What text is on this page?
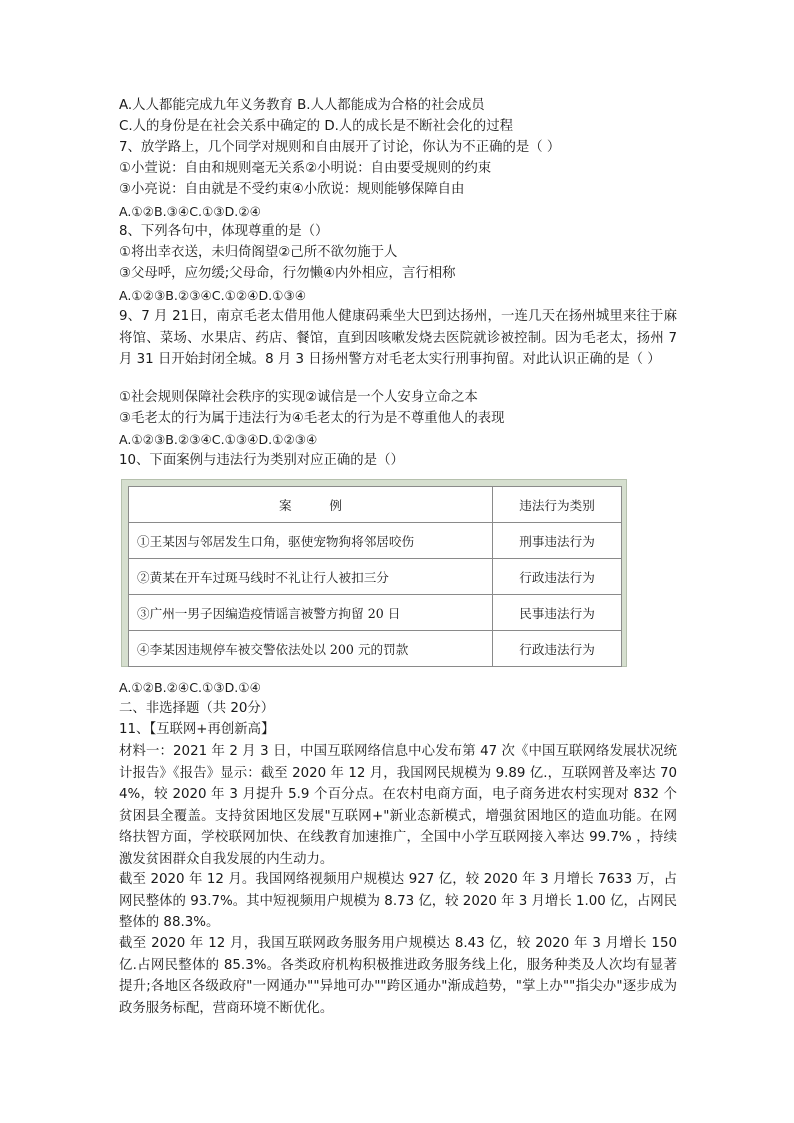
A.人人都能完成九年义务教育 B.人人都能成为合格的社会成员
C.人的身份是在社会关系中确定的 D.人的成长是不断社会化的过程
7、放学路上，几个同学对规则和自由展开了讨论，你认为不正确的是（ ）
①小萱说：自由和规则毫无关系②小明说：自由要受规则的约束
③小亮说：自由就是不受约束④小欣说：规则能够保障自由
A.①②B.③④C.①③D.②④
8、下列各句中，体现尊重的是（）
①将出幸衣送，未归倚阁望②己所不欲勿施于人
③父母呼，应勿缓;父母命，行勿懒④内外相应，言行相称
A.①②③B.②③④C.①②④D.①③④
9、7 月 21日，南京毛老太借用他人健康码乘坐大巴到达扬州，一连几天在扬州城里来往于麻将馆、菜场、水果店、药店、餐馆，直到因咳嗽发烧去医院就诊被控制。因为毛老太，扬州 7 月 31 日开始封闭全城。8 月 3 日扬州警方对毛老太实行刑事拘留。对此认识正确的是（ ）
①社会规则保障社会秩序的实现②诚信是一个人安身立命之本
③毛老太的行为属于违法行为④毛老太的行为是不尊重他人的表现
A.①②③B.②③④C.①③④D.①②③④
10、下面案例与违法行为类别对应正确的是（）
案　　　例	违法行为类别
①王某因与邻居发生口角，驱使宠物狗将邻居咬伤	刑事违法行为
②黄某在开车过斑马线时不礼让行人被扣三分	行政违法行为
③广州一男子因编造疫情谣言被警方拘留 20 日	民事违法行为
④李某因违规停车被交警依法处以 200 元的罚款	行政违法行为
A.①②B.②④C.①③D.①④
二、非选择题（共 20分）
11、【互联网+再创新高】
材料一：2021 年 2 月 3 日，中国互联网络信息中心发布第 47 次《中国互联网络发展状况统计报告》《报告》显示：截至 2020 年 12 月，我国网民规模为 9.89 亿.，互联网普及率达 704%，较 2020 年 3 月提升 5.9 个百分点。在农村电商方面，电子商务进农村实现对 832 个贫困县全覆盖。支持贫困地区发展"互联网+"新业态新模式，增强贫困地区的造血功能。在网络扶智方面，学校联网加快、在线教育加速推广，全国中小学互联网接入率达 99.7% ，持续激发贫困群众自我发展的内生动力。
截至 2020 年 12 月。我国网络视频用户规模达 927 亿，较 2020 年 3 月增长 7633 万，占网民整体的 93.7%。其中短视频用户规模为 8.73 亿，较 2020 年 3 月增长 1.00 亿，占网民整体的 88.3%。
截至 2020 年 12 月，我国互联网政务服务用户规模达 8.43 亿，较 2020 年 3 月增长 150 亿.占网民整体的 85.3%。各类政府机构积极推进政务服务线上化，服务种类及人次均有显著提升;各地区各级政府"一网通办""异地可办""跨区通办"渐成趋势，"掌上办""指尖办"逐步成为政务服务标配，营商环境不断优化。
